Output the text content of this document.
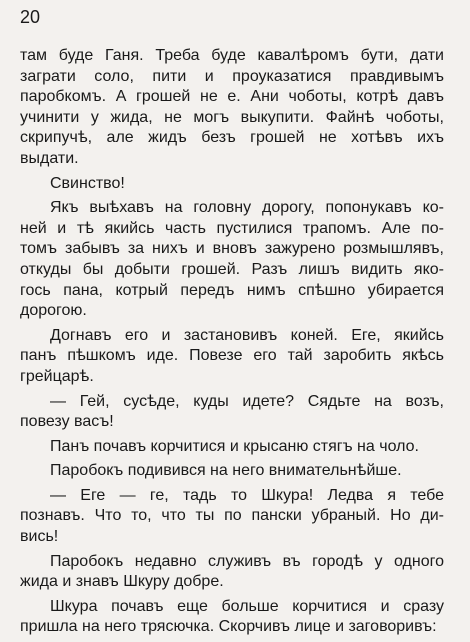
20
там буде Ганя. Треба буде кавалѣромъ бути, дати
заграти соло, пити и проуказатися правдивымъ
паробкомъ. А грошей не е. Ани чоботы, котрѣ давъ
учинити у жида, не могъ выкупити. Файнѣ чоботы,
скрипучѣ, але жидъ безъ грошей не хотѣвъ ихъ
выдати.
Свинство!
Якъ выѣхавъ на головну дорогу, попонукавъ ко-
ней и тѣ якийсь часть пустилися трапомъ. Але по-
томъ забывъ за нихъ и вновъ зажурено розмышлявъ,
откуды бы добыти грошей. Разъ лишъ видить яко-
гось пана, котрый передъ нимъ спѣшно убирается
дорогою.
Догнавъ его и застановивъ коней. Еге, якийсь
панъ пѣшкомъ иде. Повезе его тай заробить якѣсь
грейцарѣ.
— Гей, сусѣде, куды идете? Сядьте на возъ,
повезу васъ!
Панъ почавъ корчитися и крысаню стягъ на чоло.
Паробокъ подивився на него внимательнѣйше.
— Еге — ге, тадь то Шкура! Ледва я тебе
познавъ. Что то, что ты по пански убраный. Но ди-
вись!
Паробокъ недавно служивъ въ городѣ у одного
жида и знавъ Шкуру добре.
Шкура почавъ еще больше корчитися и сразу
пришла на него трясючка. Скорчивъ лице и заговоривъ:
